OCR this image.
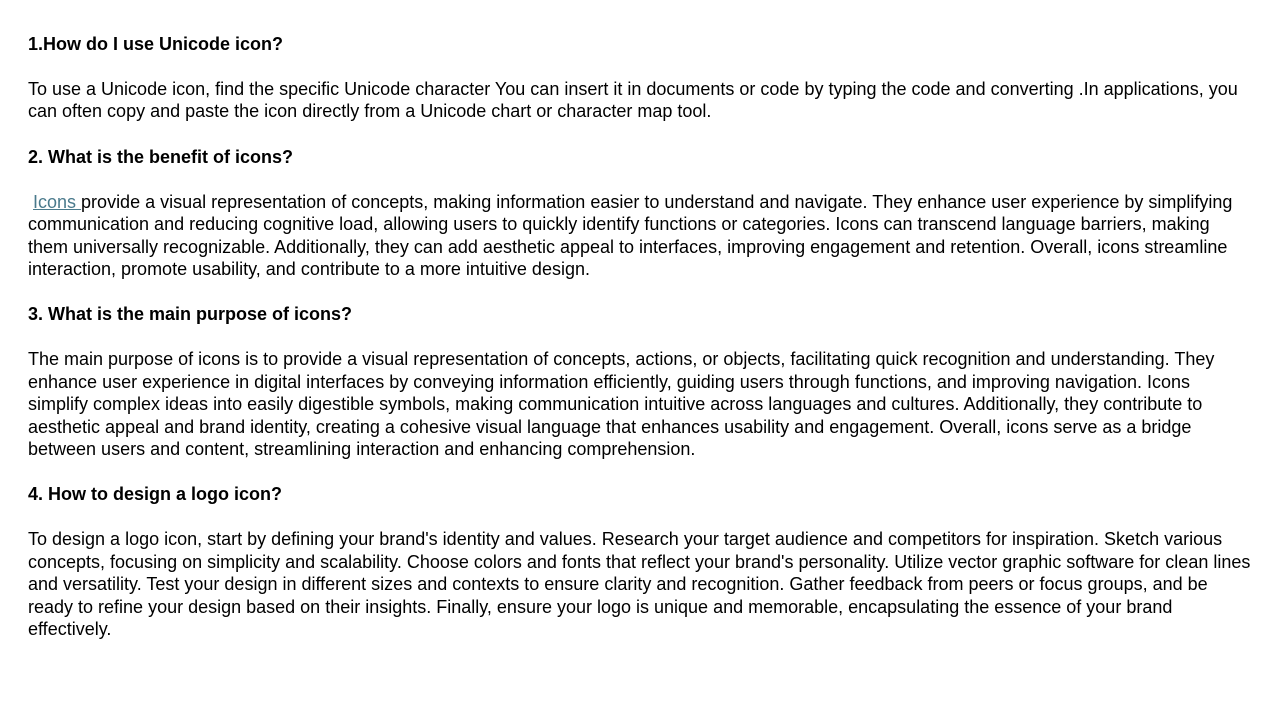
1.How do I use Unicode icon?

To use a Unicode icon, find the specific Unicode character You can insert it in documents or code by typing the code and converting .In applications, you can often copy and paste the icon directly from a Unicode chart or character map tool.

2. What is the benefit of icons?

Icons provide a visual representation of concepts, making information easier to understand and navigate. They enhance user experience by simplifying communication and reducing cognitive load, allowing users to quickly identify functions or categories. Icons can transcend language barriers, making them universally recognizable. Additionally, they can add aesthetic appeal to interfaces, improving engagement and retention. Overall, icons streamline interaction, promote usability, and contribute to a more intuitive design.

3. What is the main purpose of icons?

The main purpose of icons is to provide a visual representation of concepts, actions, or objects, facilitating quick recognition and understanding. They enhance user experience in digital interfaces by conveying information efficiently, guiding users through functions, and improving navigation. Icons simplify complex ideas into easily digestible symbols, making communication intuitive across languages and cultures. Additionally, they contribute to aesthetic appeal and brand identity, creating a cohesive visual language that enhances usability and engagement. Overall, icons serve as a bridge between users and content, streamlining interaction and enhancing comprehension.

4. How to design a logo icon?

To design a logo icon, start by defining your brand's identity and values. Research your target audience and competitors for inspiration. Sketch various concepts, focusing on simplicity and scalability. Choose colors and fonts that reflect your brand's personality. Utilize vector graphic software for clean lines and versatility. Test your design in different sizes and contexts to ensure clarity and recognition. Gather feedback from peers or focus groups, and be ready to refine your design based on their insights. Finally, ensure your logo is unique and memorable, encapsulating the essence of your brand effectively.
